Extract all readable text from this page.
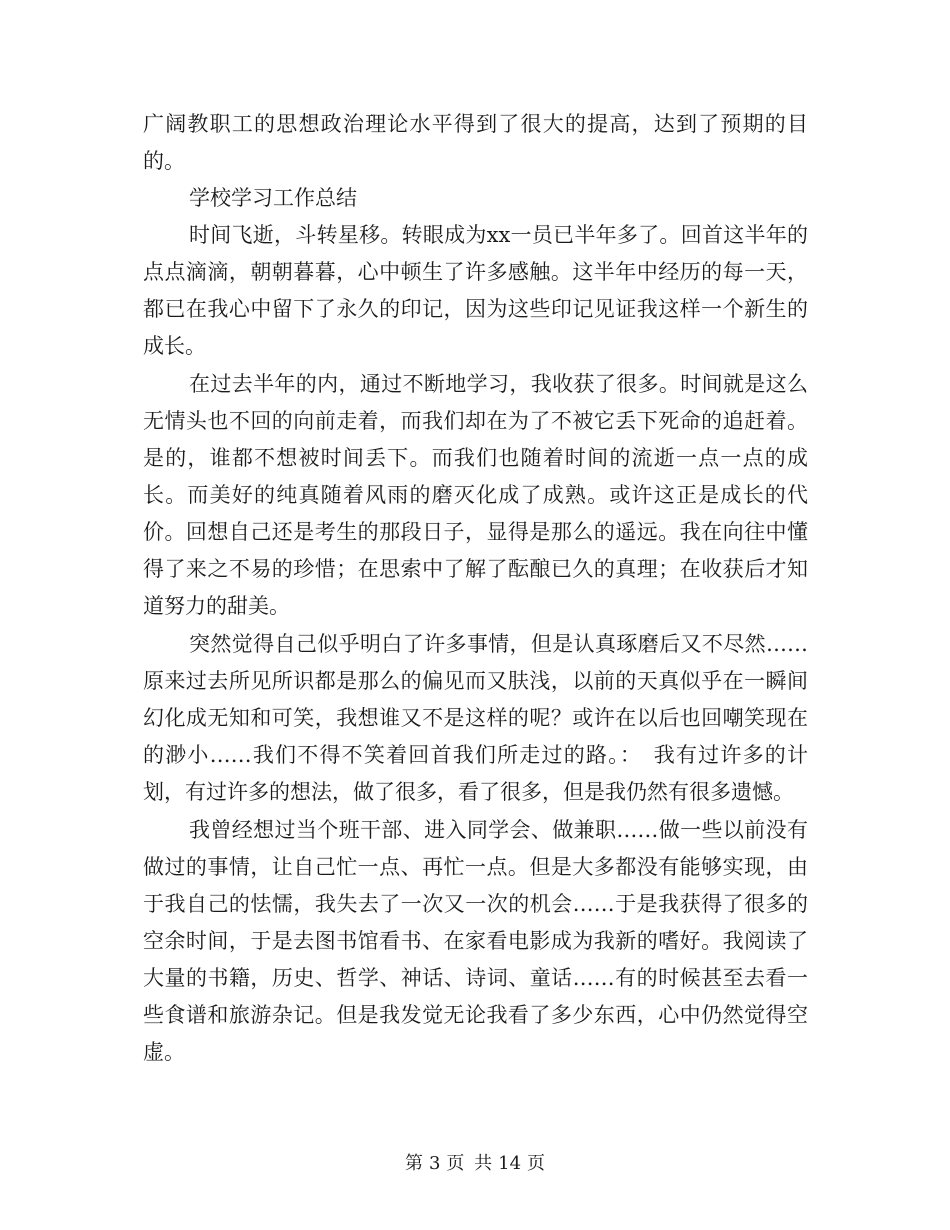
广阔教职工的思想政治理论水平得到了很大的提高，达到了预期的目的。

学校学习工作总结

时间飞逝，斗转星移。转眼成为xx一员已半年多了。回首这半年的点点滴滴，朝朝暮暮，心中顿生了许多感触。这半年中经历的每一天，都已在我心中留下了永久的印记，因为这些印记见证我这样一个新生的成长。

在过去半年的内，通过不断地学习，我收获了很多。时间就是这么无情头也不回的向前走着，而我们却在为了不被它丢下死命的追赶着。是的，谁都不想被时间丢下。而我们也随着时间的流逝一点一点的成长。而美好的纯真随着风雨的磨灭化成了成熟。或许这正是成长的代价。回想自己还是考生的那段日子，显得是那么的遥远。我在向往中懂得了来之不易的珍惜；在思索中了解了酝酿已久的真理；在收获后才知道努力的甜美。

突然觉得自己似乎明白了许多事情，但是认真琢磨后又不尽然……原来过去所见所识都是那么的偏见而又肤浅，以前的天真似乎在一瞬间幻化成无知和可笑，我想谁又不是这样的呢？或许在以后也回嘲笑现在的渺小……我们不得不笑着回首我们所走过的路。：　我有过许多的计划，有过许多的想法，做了很多，看了很多，但是我仍然有很多遗憾。

我曾经想过当个班干部、进入同学会、做兼职……做一些以前没有做过的事情，让自己忙一点、再忙一点。但是大多都没有能够实现，由于我自己的怯懦，我失去了一次又一次的机会……于是我获得了很多的空余时间，于是去图书馆看书、在家看电影成为我新的嗜好。我阅读了大量的书籍，历史、哲学、神话、诗词、童话……有的时候甚至去看一些食谱和旅游杂记。但是我发觉无论我看了多少东西，心中仍然觉得空虚。

第 3 页 共 14 页
